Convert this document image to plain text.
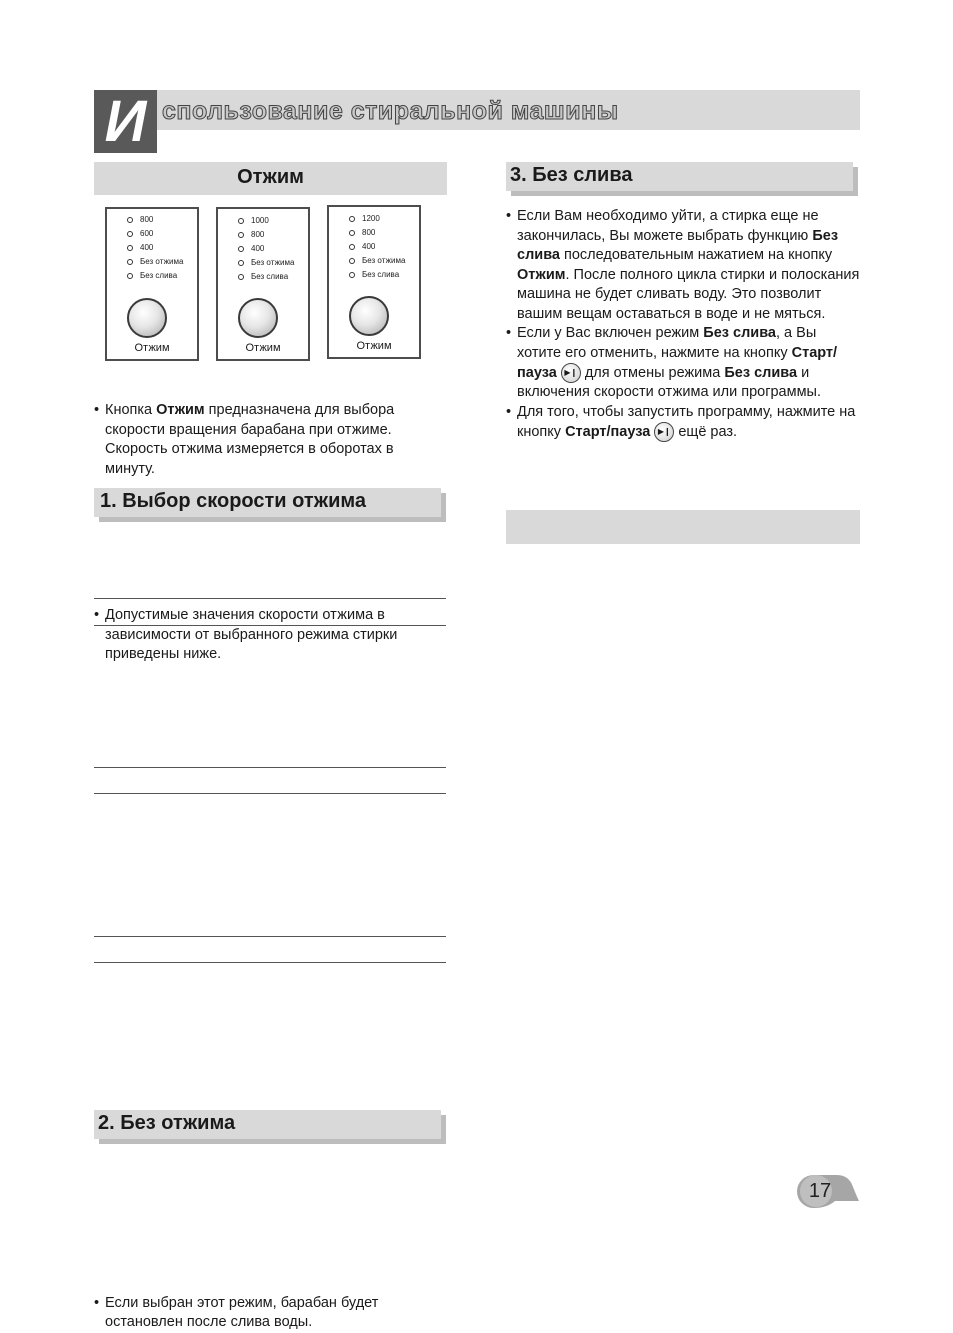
И спользование стиральной машины
Отжим
800
600
400
Без отжима
Без слива
Отжим
1000
800
400
Без отжима
Без слива
Отжим
1200
800
400
Без отжима
Без слива
Отжим
• Кнопка Отжим предназначена для выбора скорости вращения барабана при отжиме. Скорость отжима измеряется в оборотах в минуту.
1. Выбор скорости отжима
• Допустимые значения скорости отжима в зависимости от выбранного режима стирки приведены ниже.
2. Без отжима
• Если выбран этот режим, барабан будет остановлен после слива воды.
3. Без слива
• Если Вам необходимо уйти, а стирка еще не закончилась, Вы можете выбрать функцию Без слива последовательным нажатием на кнопку Отжим. После полного цикла стирки и полоскания машина не будет сливать воду. Это позволит вашим вещам оставаться в воде и не мяться.
• Если у Вас включен режим Без слива, а Вы хотите его отменить, нажмите на кнопку Старт/пауза ▶❙ для отмены режима Без слива и включения скорости отжима или программы.
• Для того, чтобы запустить программу, нажмите на кнопку Старт/пауза ▶❙ ещё раз.
17
